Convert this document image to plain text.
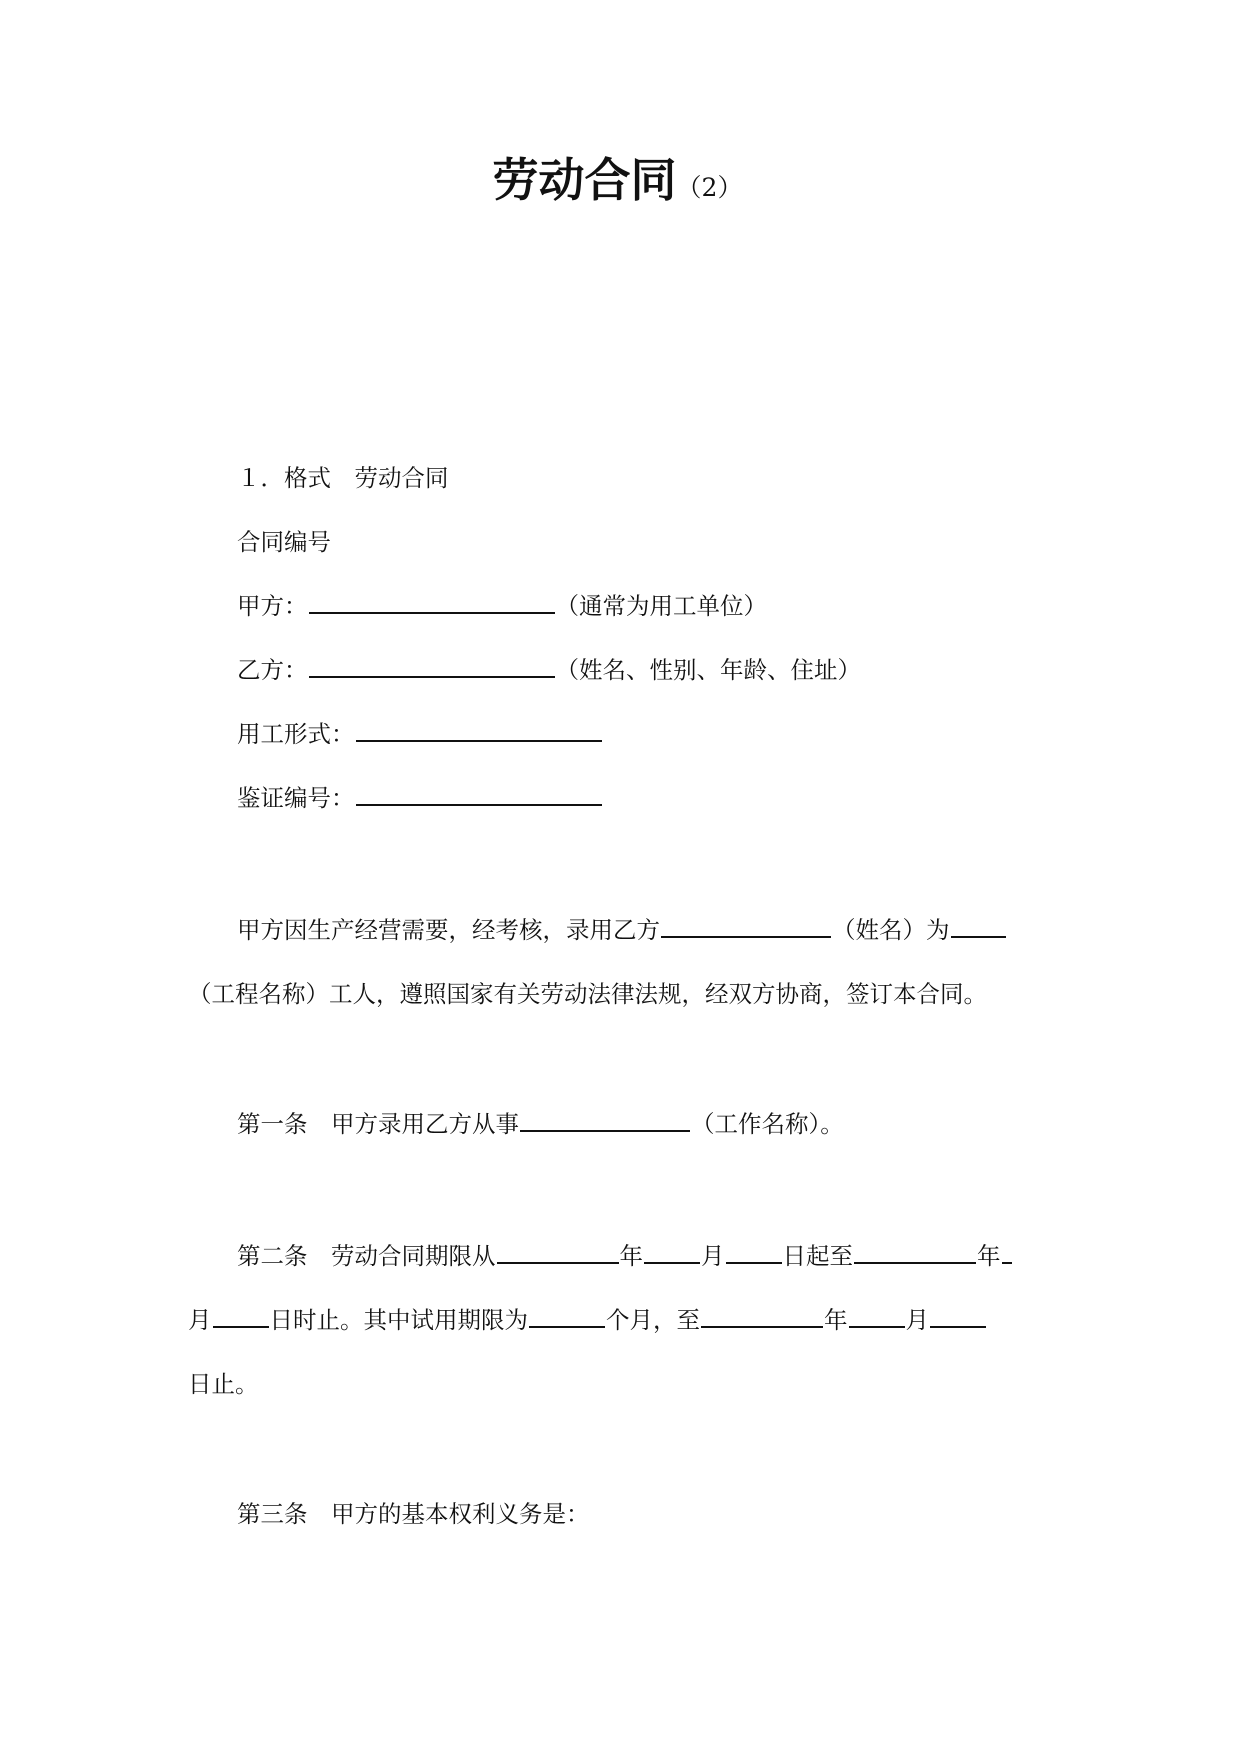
劳动合同（2）
１．格式　劳动合同
合同编号
甲方：	（通常为用工单位）
乙方：	（姓名、性别、年龄、住址）
用工形式：
鉴证编号：
甲方因生产经营需要，经考核，录用乙方	（姓名）为
（工程名称）工人，遵照国家有关劳动法律法规，经双方协商，签订本合同。
第一条　甲方录用乙方从事	（工作名称）。
第二条　劳动合同期限从	年 月 日起至	年
月 日时止。其中试用期限为	个月，至	年 月
日止。
第三条　甲方的基本权利义务是：
